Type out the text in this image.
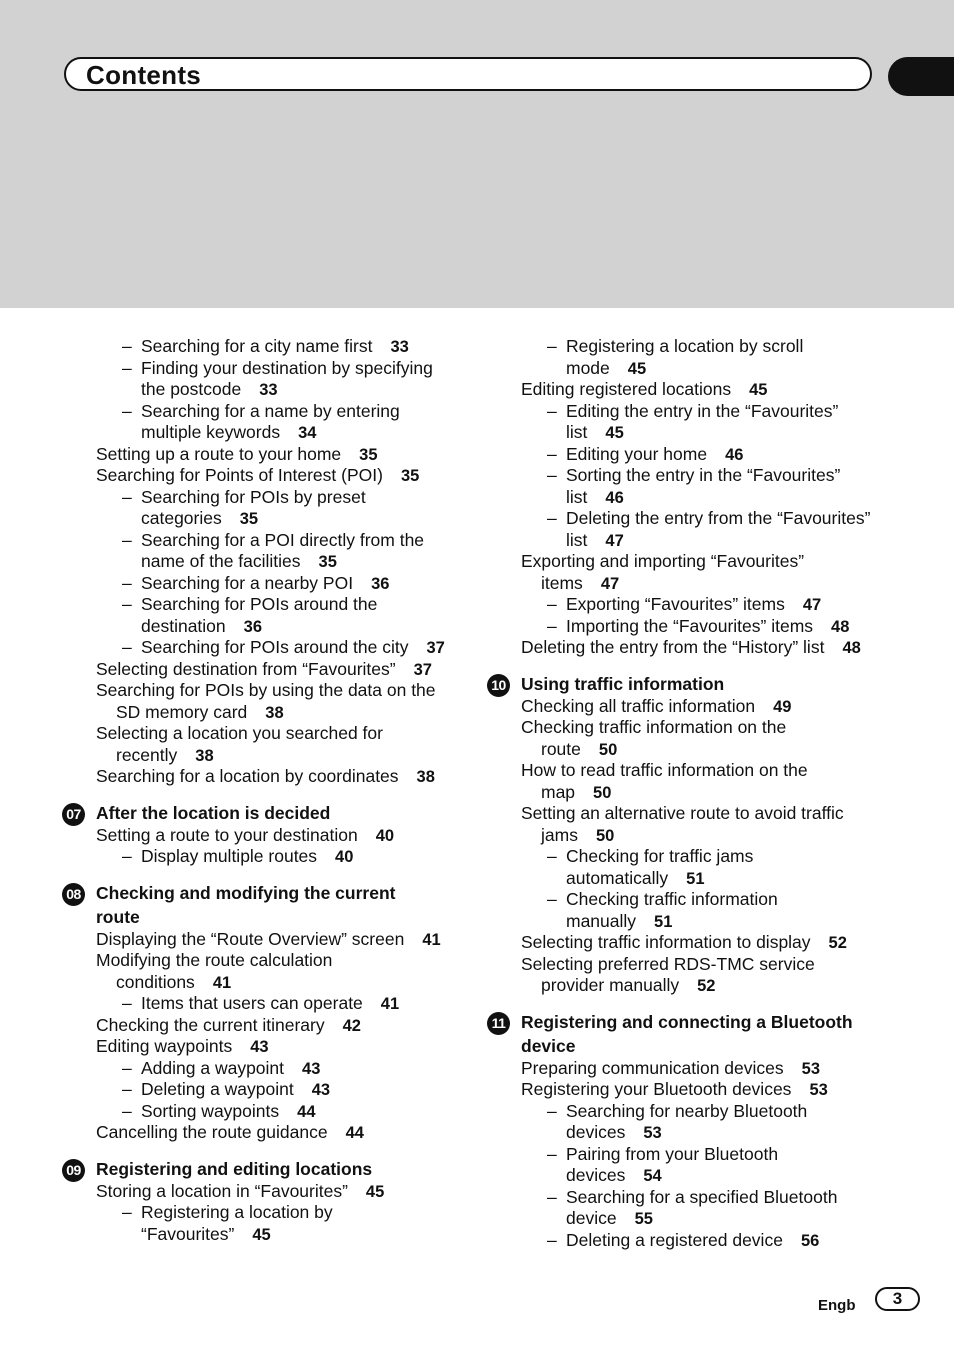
Contents
– Searching for a city name first 33
– Finding your destination by specifying
the postcode 33
– Searching for a name by entering
multiple keywords 34
Setting up a route to your home 35
Searching for Points of Interest (POI) 35
– Searching for POIs by preset
categories 35
– Searching for a POI directly from the
name of the facilities 35
– Searching for a nearby POI 36
– Searching for POIs around the
destination 36
– Searching for POIs around the city 37
Selecting destination from “Favourites” 37
Searching for POIs by using the data on the
SD memory card 38
Selecting a location you searched for
recently 38
Searching for a location by coordinates 38
07 After the location is decided
Setting a route to your destination 40
– Display multiple routes 40
08 Checking and modifying the current
route
Displaying the “Route Overview” screen 41
Modifying the route calculation
conditions 41
– Items that users can operate 41
Checking the current itinerary 42
Editing waypoints 43
– Adding a waypoint 43
– Deleting a waypoint 43
– Sorting waypoints 44
Cancelling the route guidance 44
09 Registering and editing locations
Storing a location in “Favourites” 45
– Registering a location by
“Favourites” 45
– Registering a location by scroll
mode 45
Editing registered locations 45
– Editing the entry in the “Favourites”
list 45
– Editing your home 46
– Sorting the entry in the “Favourites”
list 46
– Deleting the entry from the “Favourites”
list 47
Exporting and importing “Favourites”
items 47
– Exporting “Favourites” items 47
– Importing the “Favourites” items 48
Deleting the entry from the “History” list 48
10 Using traffic information
Checking all traffic information 49
Checking traffic information on the
route 50
How to read traffic information on the
map 50
Setting an alternative route to avoid traffic
jams 50
– Checking for traffic jams
automatically 51
– Checking traffic information
manually 51
Selecting traffic information to display 52
Selecting preferred RDS-TMC service
provider manually 52
11 Registering and connecting a Bluetooth
device
Preparing communication devices 53
Registering your Bluetooth devices 53
– Searching for nearby Bluetooth
devices 53
– Pairing from your Bluetooth
devices 54
– Searching for a specified Bluetooth
device 55
– Deleting a registered device 56
Engb	3
